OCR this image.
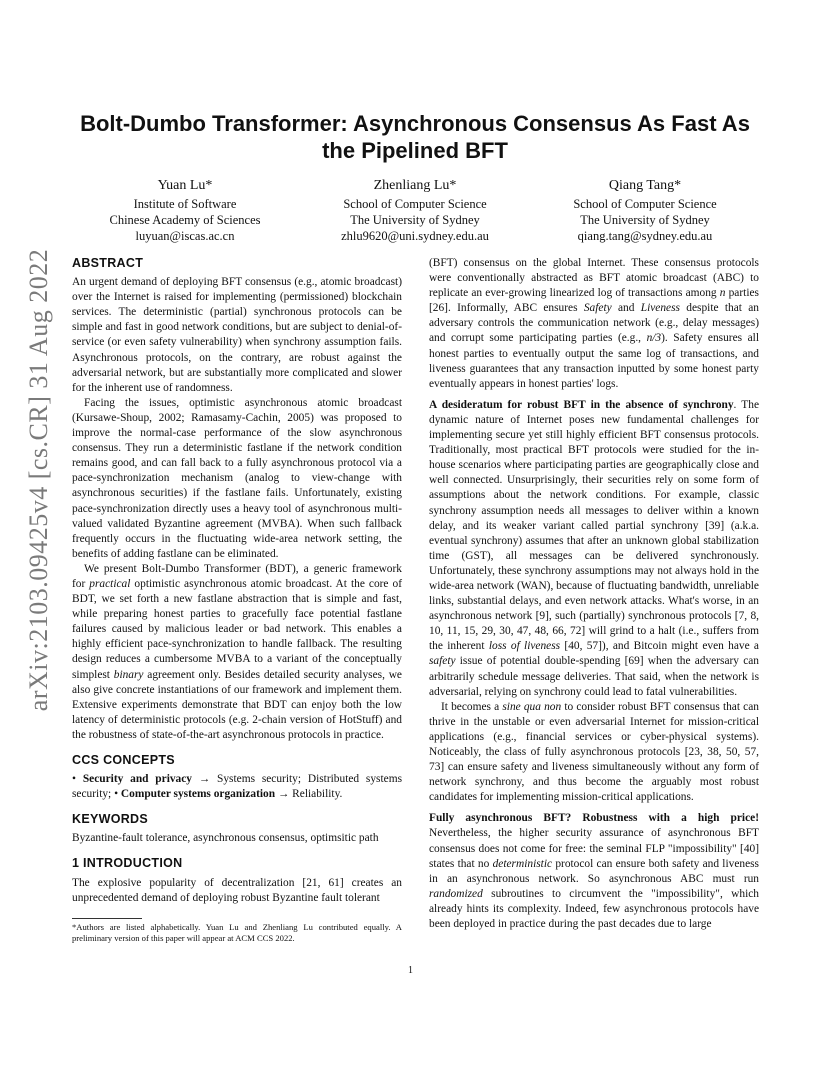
arXiv:2103.09425v4 [cs.CR] 31 Aug 2022
Bolt-Dumbo Transformer: Asynchronous Consensus As Fast As
the Pipelined BFT
Yuan Lu*
Institute of Software
Chinese Academy of Sciences
luyuan@iscas.ac.cn
Zhenliang Lu*
School of Computer Science
The University of Sydney
zhlu9620@uni.sydney.edu.au
Qiang Tang*
School of Computer Science
The University of Sydney
qiang.tang@sydney.edu.au
ABSTRACT

An urgent demand of deploying BFT consensus (e.g., atomic broadcast) over the Internet is raised for implementing (permissioned) blockchain services. The deterministic (partial) synchronous protocols can be simple and fast in good network conditions, but are subject to denial-of-service (or even safety vulnerability) when synchrony assumption fails. Asynchronous protocols, on the contrary, are robust against the adversarial network, but are substantially more complicated and slower for the inherent use of randomness.

Facing the issues, optimistic asynchronous atomic broadcast (Kursawe-Shoup, 2002; Ramasamy-Cachin, 2005) was proposed to improve the normal-case performance of the slow asynchronous consensus. They run a deterministic fastlane if the network condition remains good, and can fall back to a fully asynchronous protocol via a pace-synchronization mechanism (analog to view-change with asynchronous securities) if the fastlane fails. Unfortunately, existing pace-synchronization directly uses a heavy tool of asynchronous multi-valued validated Byzantine agreement (MVBA). When such fallback frequently occurs in the fluctuating wide-area network setting, the benefits of adding fastlane can be eliminated.

We present Bolt-Dumbo Transformer (BDT), a generic framework for practical optimistic asynchronous atomic broadcast. At the core of BDT, we set forth a new fastlane abstraction that is simple and fast, while preparing honest parties to gracefully face potential fastlane failures caused by malicious leader or bad network. This enables a highly efficient pace-synchronization to handle fallback. The resulting design reduces a cumbersome MVBA to a variant of the conceptually simplest binary agreement only. Besides detailed security analyses, we also give concrete instantiations of our framework and implement them. Extensive experiments demonstrate that BDT can enjoy both the low latency of deterministic protocols (e.g. 2-chain version of HotStuff) and the robustness of state-of-the-art asynchronous protocols in practice.

CCS CONCEPTS

• Security and privacy → Systems security; Distributed systems security; • Computer systems organization → Reliability.

KEYWORDS

Byzantine-fault tolerance, asynchronous consensus, optimsitic path

1 INTRODUCTION

The explosive popularity of decentralization [21, 61] creates an unprecedented demand of deploying robust Byzantine fault tolerant

*Authors are listed alphabetically. Yuan Lu and Zhenliang Lu contributed equally. A preliminary version of this paper will appear at ACM CCS 2022.

(BFT) consensus on the global Internet. These consensus protocols were conventionally abstracted as BFT atomic broadcast (ABC) to replicate an ever-growing linearized log of transactions among n parties [26]. Informally, ABC ensures Safety and Liveness despite that an adversary controls the communication network (e.g., delay messages) and corrupt some participating parties (e.g., n/3). Safety ensures all honest parties to eventually output the same log of transactions, and liveness guarantees that any transaction inputted by some honest party eventually appears in honest parties' logs.

A desideratum for robust BFT in the absence of synchrony. The dynamic nature of Internet poses new fundamental challenges for implementing secure yet still highly efficient BFT consensus protocols. Traditionally, most practical BFT protocols were studied for the in-house scenarios where participating parties are geographically close and well connected. Unsurprisingly, their securities rely on some form of assumptions about the network conditions. For example, classic synchrony assumption needs all messages to deliver within a known delay, and its weaker variant called partial synchrony [39] (a.k.a. eventual synchrony) assumes that after an unknown global stabilization time (GST), all messages can be delivered synchronously. Unfortunately, these synchrony assumptions may not always hold in the wide-area network (WAN), because of fluctuating bandwidth, unreliable links, substantial delays, and even network attacks. What's worse, in an asynchronous network [9], such (partially) synchronous protocols [7, 8, 10, 11, 15, 29, 30, 47, 48, 66, 72] will grind to a halt (i.e., suffers from the inherent loss of liveness [40, 57]), and Bitcoin might even have a safety issue of potential double-spending [69] when the adversary can arbitrarily schedule message deliveries. That said, when the network is adversarial, relying on synchrony could lead to fatal vulnerabilities.

It becomes a sine qua non to consider robust BFT consensus that can thrive in the unstable or even adversarial Internet for mission-critical applications (e.g., financial services or cyber-physical systems). Noticeably, the class of fully asynchronous protocols [23, 38, 50, 57, 73] can ensure safety and liveness simultaneously without any form of network synchrony, and thus become the arguably most robust candidates for implementing mission-critical applications.

Fully asynchronous BFT? Robustness with a high price! Nevertheless, the higher security assurance of asynchronous BFT consensus does not come for free: the seminal FLP "impossibility" [40] states that no deterministic protocol can ensure both safety and liveness in an asynchronous network. So asynchronous ABC must run randomized subroutines to circumvent the "impossibility", which already hints its complexity. Indeed, few asynchronous protocols have been deployed in practice during the past decades due to large

1
